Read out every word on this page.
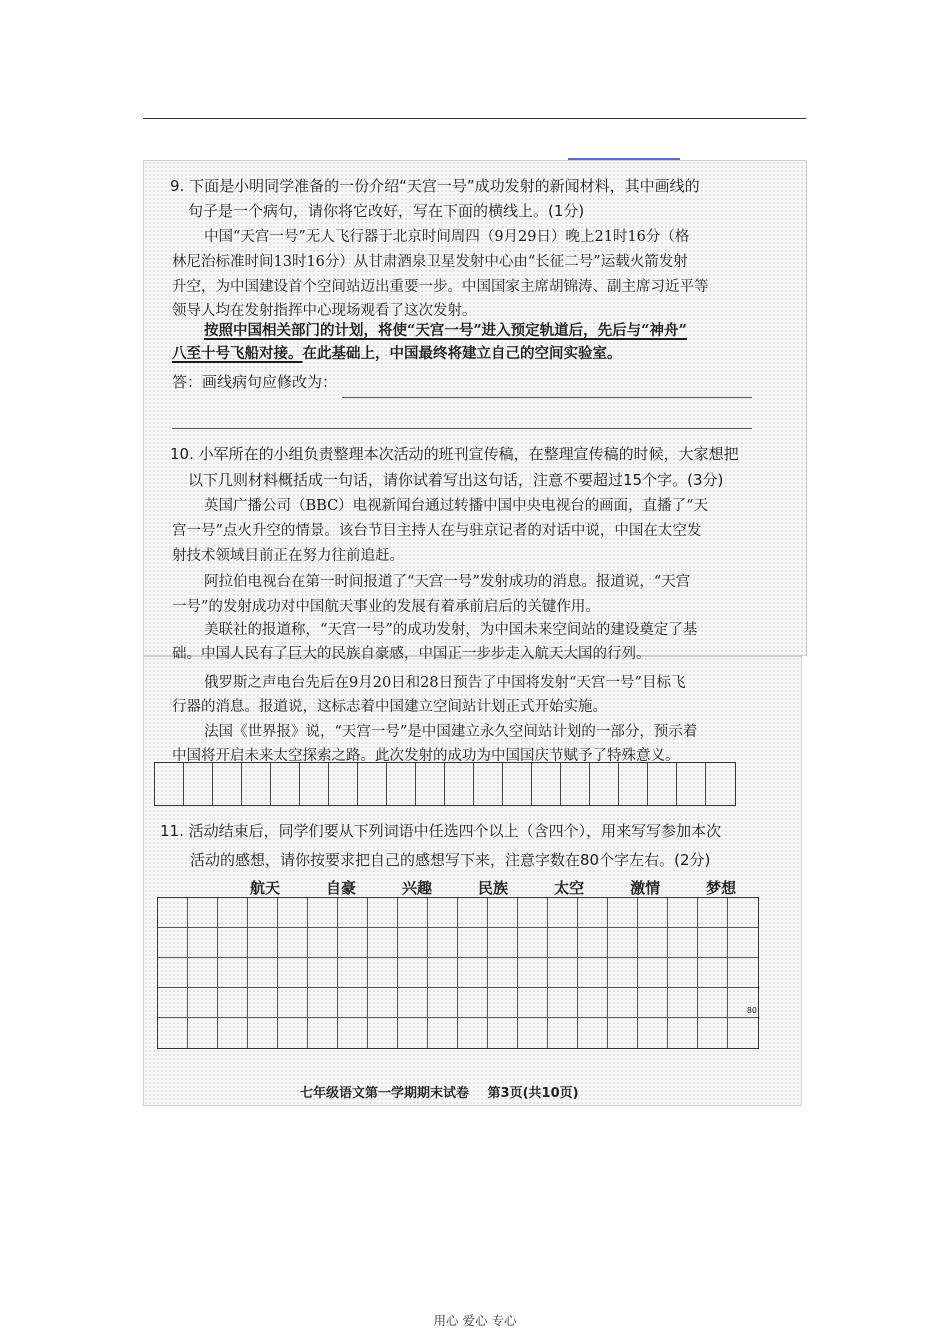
9. 下面是小明同学准备的一份介绍“天宫一号”成功发射的新闻材料，其中画线的
句子是一个病句，请你将它改好，写在下面的横线上。(1分)
中国“天宫一号”无人飞行器于北京时间周四（9月29日）晚上21时16分（格
林尼治标准时间13时16分）从甘肃酒泉卫星发射中心由“长征二号”运载火箭发射
升空，为中国建设首个空间站迈出重要一步。中国国家主席胡锦涛、副主席习近平等
领导人均在发射指挥中心现场观看了这次发射。
按照中国相关部门的计划，将使“天宫一号”进入预定轨道后，先后与“神舟”
八至十号飞船对接。在此基础上，中国最终将建立自己的空间实验室。
答：画线病句应修改为：
10. 小军所在的小组负责整理本次活动的班刊宣传稿，在整理宣传稿的时候，大家想把
以下几则材料概括成一句话，请你试着写出这句话，注意不要超过15个字。(3分)
英国广播公司（BBC）电视新闻台通过转播中国中央电视台的画面，直播了“天
宫一号”点火升空的情景。该台节目主持人在与驻京记者的对话中说，中国在太空发
射技术领域目前正在努力往前追赶。
阿拉伯电视台在第一时间报道了“天宫一号”发射成功的消息。报道说，“天宫
一号”的发射成功对中国航天事业的发展有着承前启后的关键作用。
美联社的报道称，“天宫一号”的成功发射，为中国未来空间站的建设奠定了基
础。中国人民有了巨大的民族自豪感，中国正一步步走入航天大国的行列。
俄罗斯之声电台先后在9月20日和28日预告了中国将发射“天宫一号”目标飞
行器的消息。报道说，这标志着中国建立空间站计划正式开始实施。
法国《世界报》说，“天宫一号”是中国建立永久空间站计划的一部分，预示着
中国将开启未来太空探索之路。此次发射的成功为中国国庆节赋予了特殊意义。
11. 活动结束后，同学们要从下列词语中任选四个以上（含四个），用来写写参加本次
活动的感想，请你按要求把自己的感想写下来，注意字数在80个字左右。(2分)
航天	自豪	兴趣	民族	太空	激情	梦想
80
七年级语文第一学期期末试卷 第3页(共10页)
用心 爱心 专心
